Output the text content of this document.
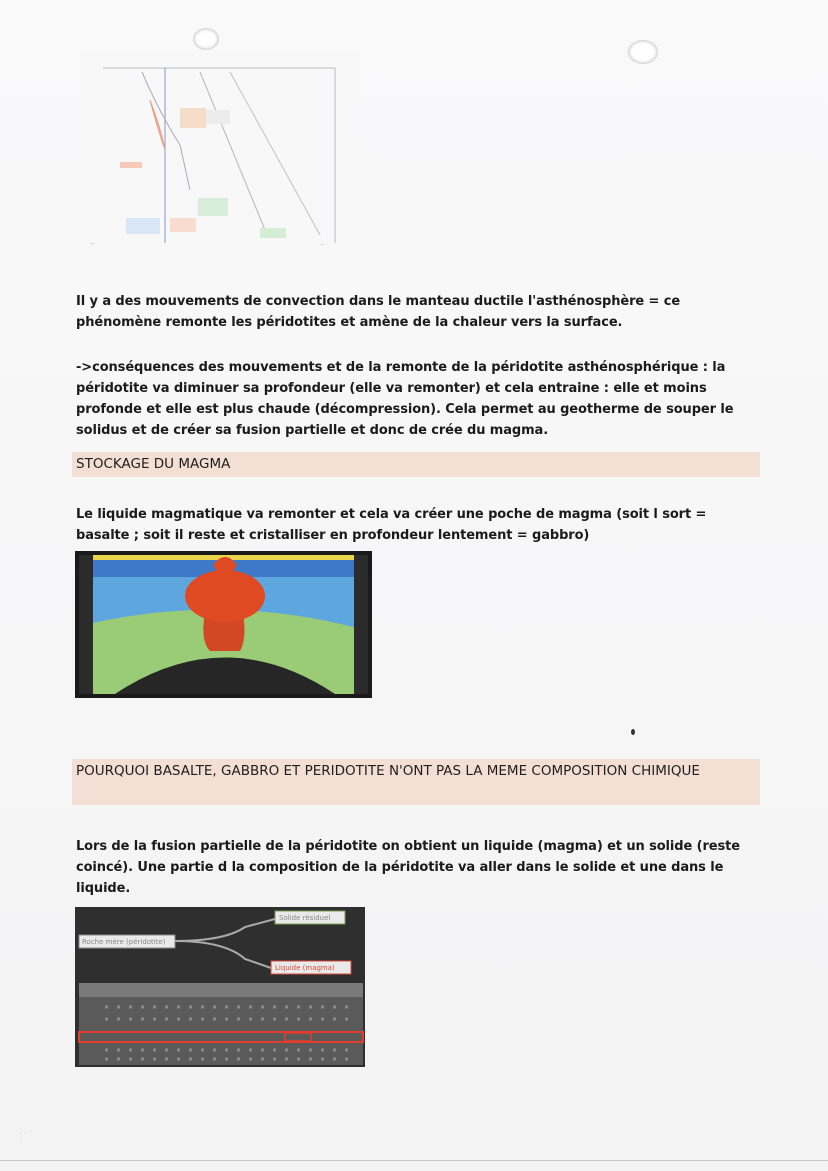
—	—

Il y a des mouvements de convection dans le manteau ductile l'asthénosphère = ce phénomène remonte les péridotites et amène de la chaleur vers la surface.

->conséquences des mouvements et de la remonte de la péridotite asthénosphérique : la péridotite va diminuer sa profondeur (elle va remonter) et cela entraine : elle et moins profonde et elle est plus chaude (décompression). Cela permet au geotherme de souper le solidus et de créer sa fusion partielle et donc de crée du magma.

STOCKAGE DU MAGMA

Le liquide magmatique va remonter et cela va créer une poche de magma (soit l sort = basalte ; soit il reste et cristalliser en profondeur lentement = gabbro)

POURQUOI BASALTE, GABBRO ET PERIDOTITE N'ONT PAS LA MEME COMPOSITION CHIMIQUE

Lors de la fusion partielle de la péridotite on obtient un liquide (magma) et un solide (reste coincé). Une partie d la composition de la péridotite va aller dans le solide et une dans le liquide.

Solide résiduel
Roche mère (péridotite)
Liquide (magma)
· · ·
